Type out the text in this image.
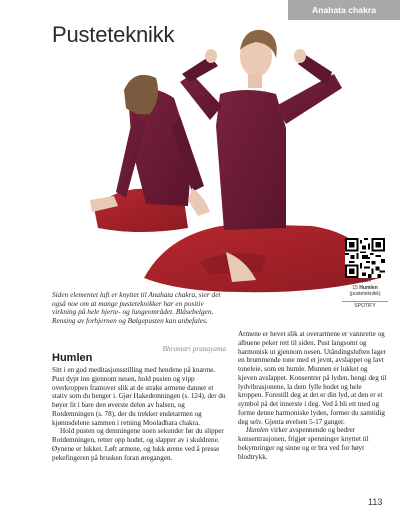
Anahata chakra
Pusteteknikk
Lydfil
15 Humlen
(pusteteknikk)
SPOTIFY

Siden elementet luft er knyttet til Anahata chakra, sier det også noe om at mange pusteteknikker har en positiv virkning på hele hjerte- og lungeområdet. Blåsebelgen, Rensing av forhjernen og Bølgepusten kan anbefales.

Bhramari pranayama

Humlen

Sitt i en god meditasjonsstilling med hendene på knærne. Pust dypt inn gjennom nesen, hold pusten og vipp overkroppen framover slik at de strake armene danner et stativ som du henger i. Gjør Hakedemningen (s. 124), der du bøyer lit i bare den øverste delen av halsen, og Rotdemningen (s. 78), der du trekker endetarmen og kjønnsdelene sammen i retning Mooladhara chakra.

Hold pusten og demningene noen sekunder før du slipper Rotdemningen, retter opp hodet, og slapper av i skuldrene. Øynene er lukket. Løft armene, og lukk ørene ved å presse pekefingeren på brusken foran øregangen.

Armene er hevet slik at overarmene er vannrette og albuene peker rett til siden. Pust langsomt og harmonisk ut gjennom nesen. Utåndingsluften lager en brummende tone med et jevnt, avslappet og lavt toneleie, som en humle. Munnen er lukket og kjeven avslappet. Konsentrer på lyden, hengi deg til lydvibrasjonene, la dem fylle hodet og hele kroppen. Forestill deg at det er din lyd, at den er et symbol på det innerste i deg. Ved å bli ett med og forme denne harmoniske lyden, former du samtidig deg selv. Gjenta øvelsen 5-17 ganger.

Humlen virker avspennende og bedrer konsentrasjonen, frigjør spenninger knyttet til bekymringer og sinne og er bra ved for høyt blodtrykk.

113
